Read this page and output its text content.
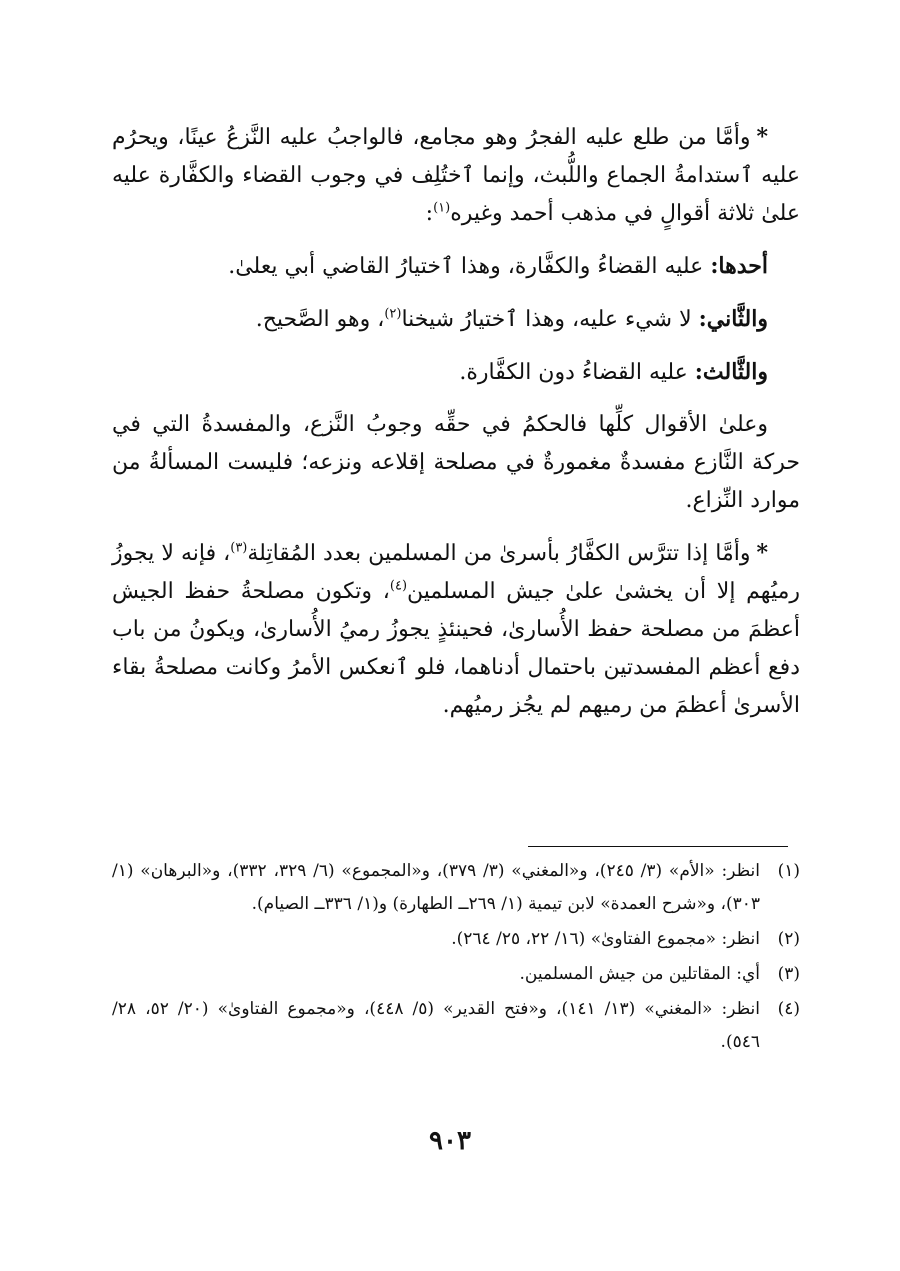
*وأمَّا من طلع عليه الفجرُ وهو مجامع، فالواجبُ عليه النَّزعُ عينًا، ويحرُم عليه ٱستدامةُ الجماع واللُّبث، وإنما ٱختُلِف في وجوب القضاء والكفَّارة عليه علىٰ ثلاثة أقوالٍ في مذهب أحمد وغيره$^{(١)}$:

أحدها: عليه القضاءُ والكفَّارة، وهذا ٱختيارُ القاضي أبي يعلىٰ.

والثَّاني: لا شيء عليه، وهذا ٱختيارُ شيخنا$^{(٢)}$، وهو الصَّحيح.

والثَّالث: عليه القضاءُ دون الكفَّارة.

وعلىٰ الأقوال كلِّها فالحكمُ في حقِّه وجوبُ النَّزع، والمفسدةُ التي في حركة النَّازع مفسدةٌ مغمورةٌ في مصلحة إقلاعه ونزعه؛ فليست المسألةُ من موارد النِّزاع.

*وأمَّا إذا تترَّس الكفَّارُ بأسرىٰ من المسلمين بعدد المُقاتِلة$^{(٣)}$، فإنه لا يجوزُ رميُهم إلا أن يخشىٰ علىٰ جيش المسلمين$^{(٤)}$، وتكون مصلحةُ حفظ الجيش أعظمَ من مصلحة حفظ الأُسارىٰ، فحينئذٍ يجوزُ رميُ الأُسارىٰ، ويكونُ من باب دفع أعظم المفسدتين باحتمال أدناهما، فلو ٱنعكس الأمرُ وكانت مصلحةُ بقاء الأسرىٰ أعظمَ من رميهم لم يجُز رميُهم.

(١)
انظر: «الأم» (٣/ ٢٤٥)، و«المغني» (٣/ ٣٧٩)، و«المجموع» (٦/ ٣٢٩، ٣٣٢)، و«البرهان» (١/ ٣٠٣)، و«شرح العمدة» لابن تيمية (١/ ٢٦٩ــ الطهارة) و(١/ ٣٣٦ــ الصيام).
(٢)
انظر: «مجموع الفتاوىٰ» (١٦/ ٢٢، ٢٥/ ٢٦٤).
(٣)
أي: المقاتلين من جيش المسلمين.
(٤)
انظر: «المغني» (١٣/ ١٤١)، و«فتح القدير» (٥/ ٤٤٨)، و«مجموع الفتاوىٰ» (٢٠/ ٥٢، ٢٨/ ٥٤٦).
٩٠٣
